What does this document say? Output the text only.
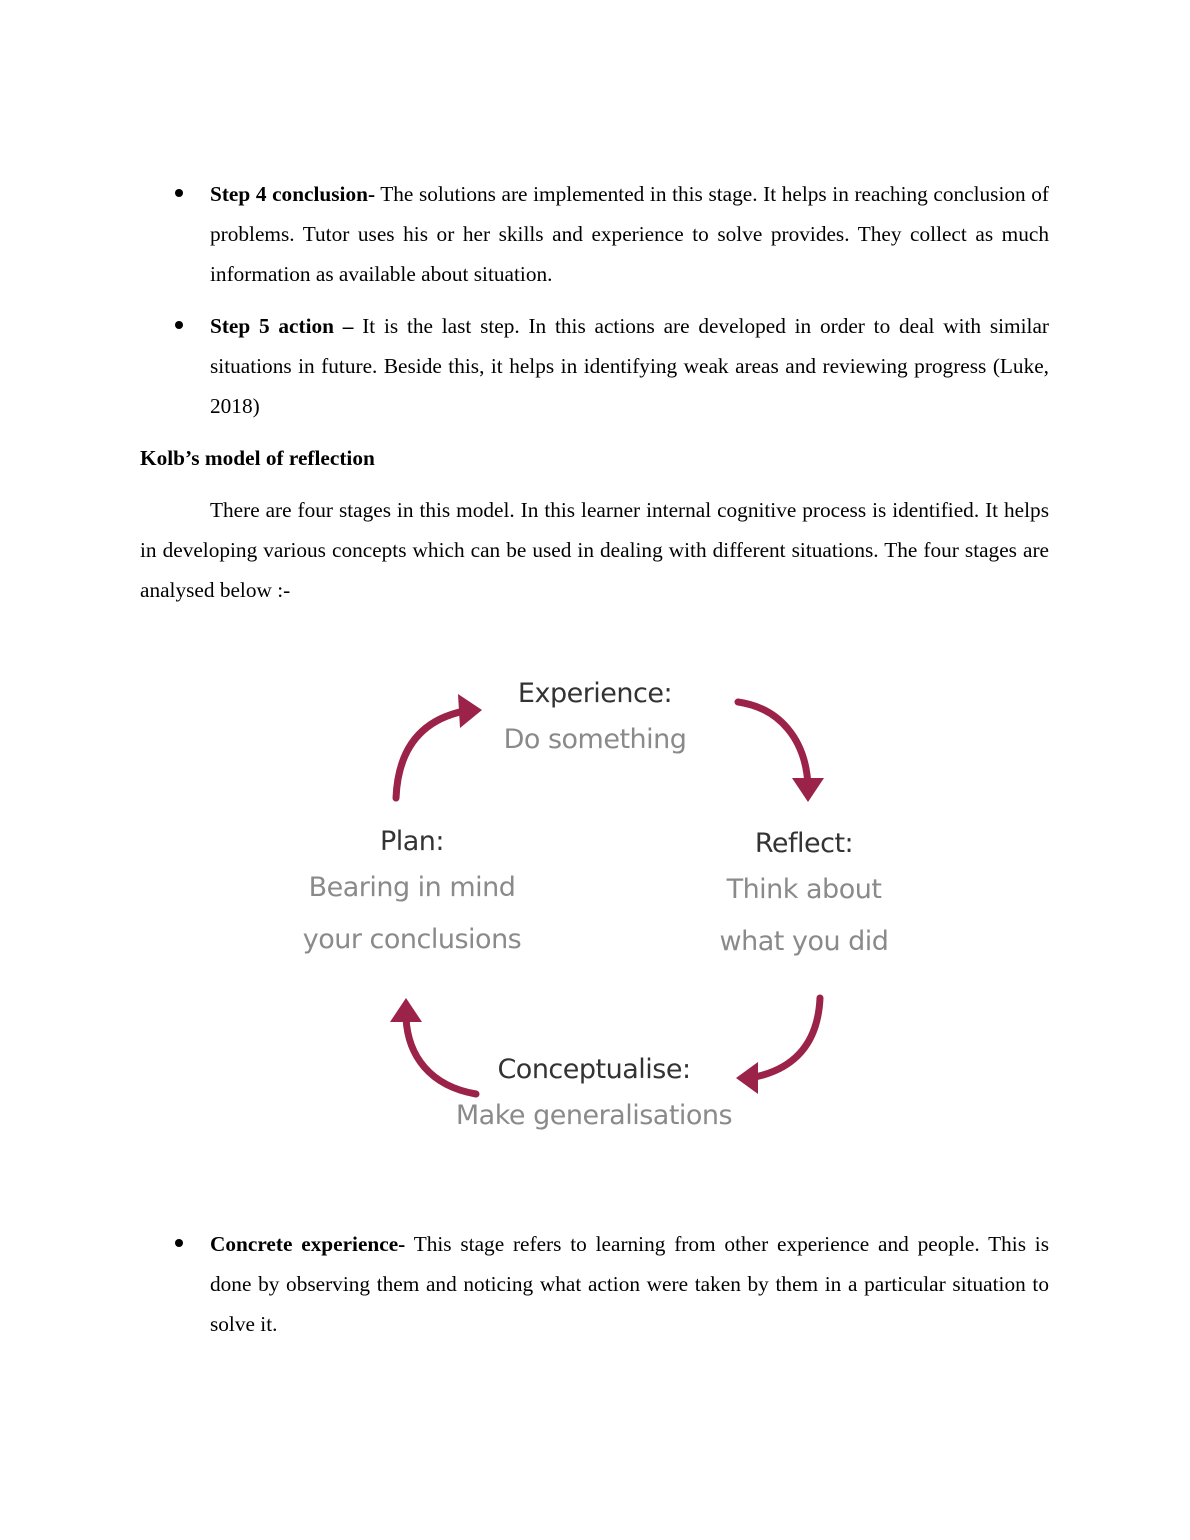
Step 4 conclusion- The solutions are implemented in this stage. It helps in reaching conclusion of problems. Tutor uses his or her skills and experience to solve provides. They collect as much information as available about situation.
Step 5 action – It is the last step. In this actions are developed in order to deal with similar situations in future. Beside this, it helps in identifying weak areas and reviewing progress (Luke, 2018)
Kolb’s model of reflection
There are four stages in this model. In this learner internal cognitive process is identified. It helps in developing various concepts which can be used in dealing with different situations. The four stages are analysed below :-
Experience:
Do something
Reflect:
Think about
what you did
Conceptualise:
Make generalisations
Plan:
Bearing in mind
your conclusions
Concrete experience- This stage refers to learning from other experience and people. This is done by observing them and noticing what action were taken by them in a particular situation to solve it.
